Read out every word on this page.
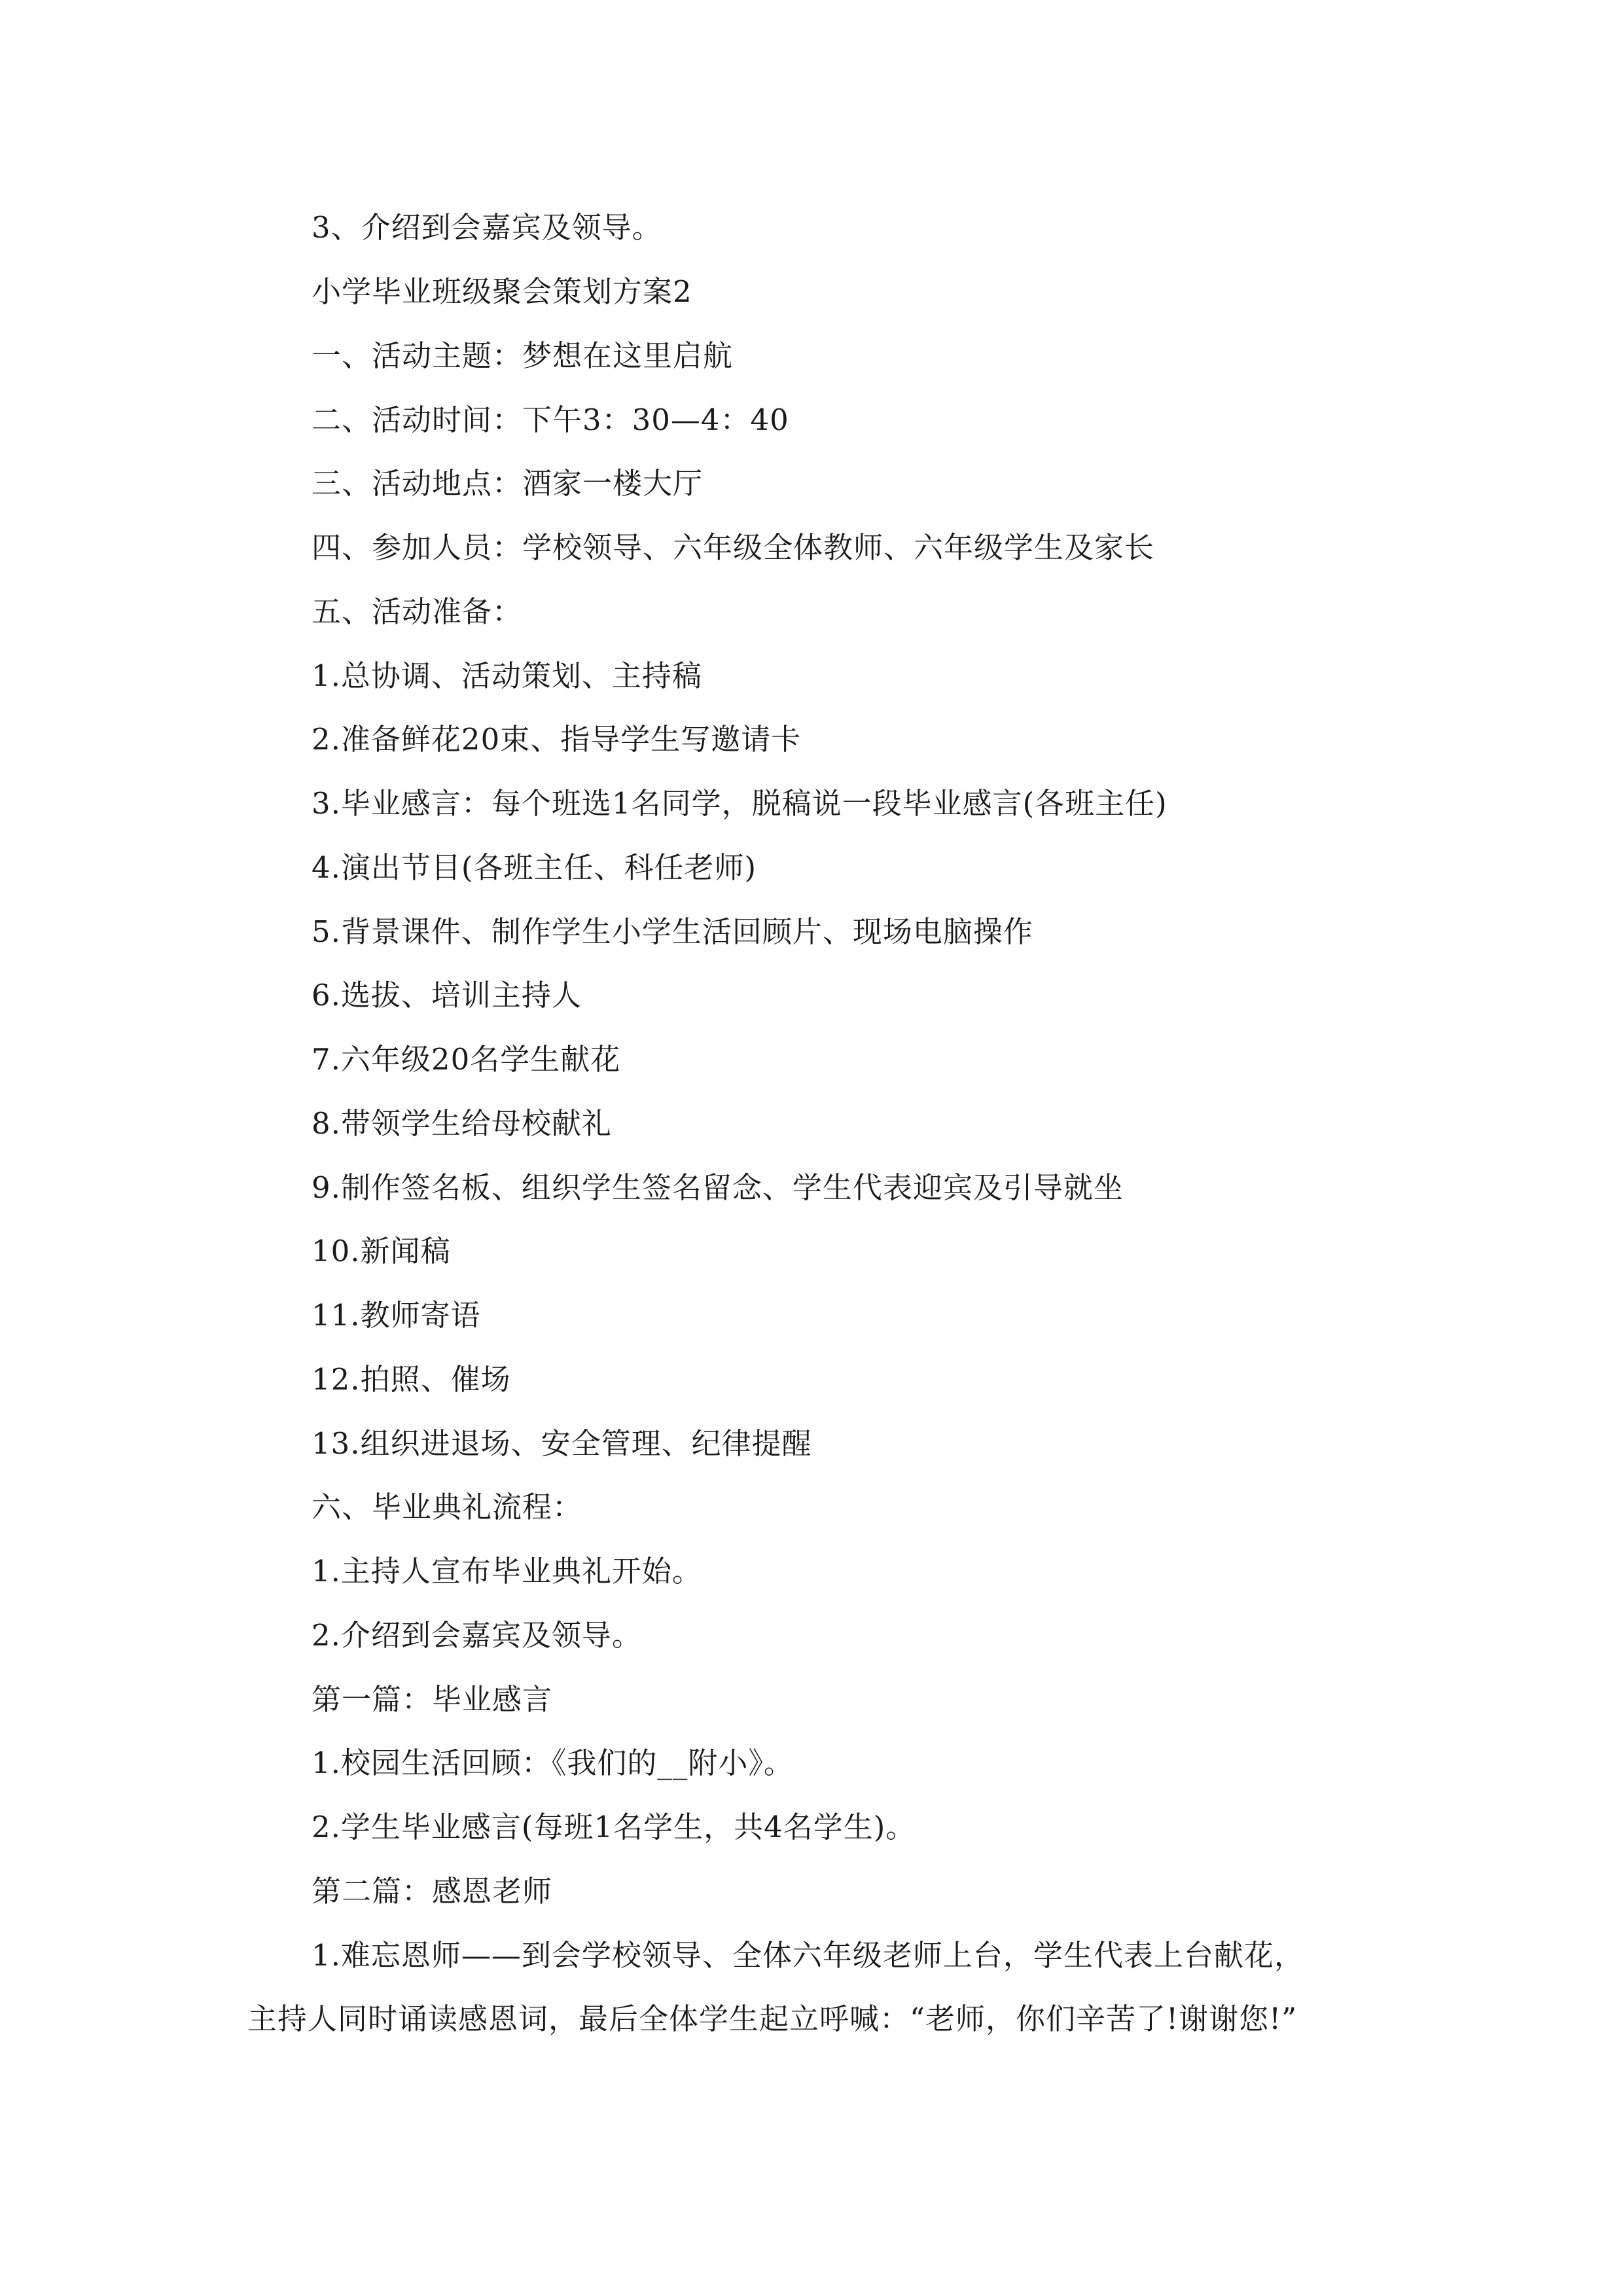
3、介绍到会嘉宾及领导。
小学毕业班级聚会策划方案2
一、活动主题：梦想在这里启航
二、活动时间：下午3：30—4：40
三、活动地点：酒家一楼大厅
四、参加人员：学校领导、六年级全体教师、六年级学生及家长
五、活动准备：
1.总协调、活动策划、主持稿
2.准备鲜花20束、指导学生写邀请卡
3.毕业感言：每个班选1名同学，脱稿说一段毕业感言(各班主任)
4.演出节目(各班主任、科任老师)
5.背景课件、制作学生小学生活回顾片、现场电脑操作
6.选拔、培训主持人
7.六年级20名学生献花
8.带领学生给母校献礼
9.制作签名板、组织学生签名留念、学生代表迎宾及引导就坐
10.新闻稿
11.教师寄语
12.拍照、催场
13.组织进退场、安全管理、纪律提醒
六、毕业典礼流程：
1.主持人宣布毕业典礼开始。
2.介绍到会嘉宾及领导。
第一篇：毕业感言
1.校园生活回顾：《我们的__附小》。
2.学生毕业感言(每班1名学生，共4名学生)。
第二篇：感恩老师
1.难忘恩师——到会学校领导、全体六年级老师上台，学生代表上台献花，
主持人同时诵读感恩词，最后全体学生起立呼喊：“老师，你们辛苦了!谢谢您!”
